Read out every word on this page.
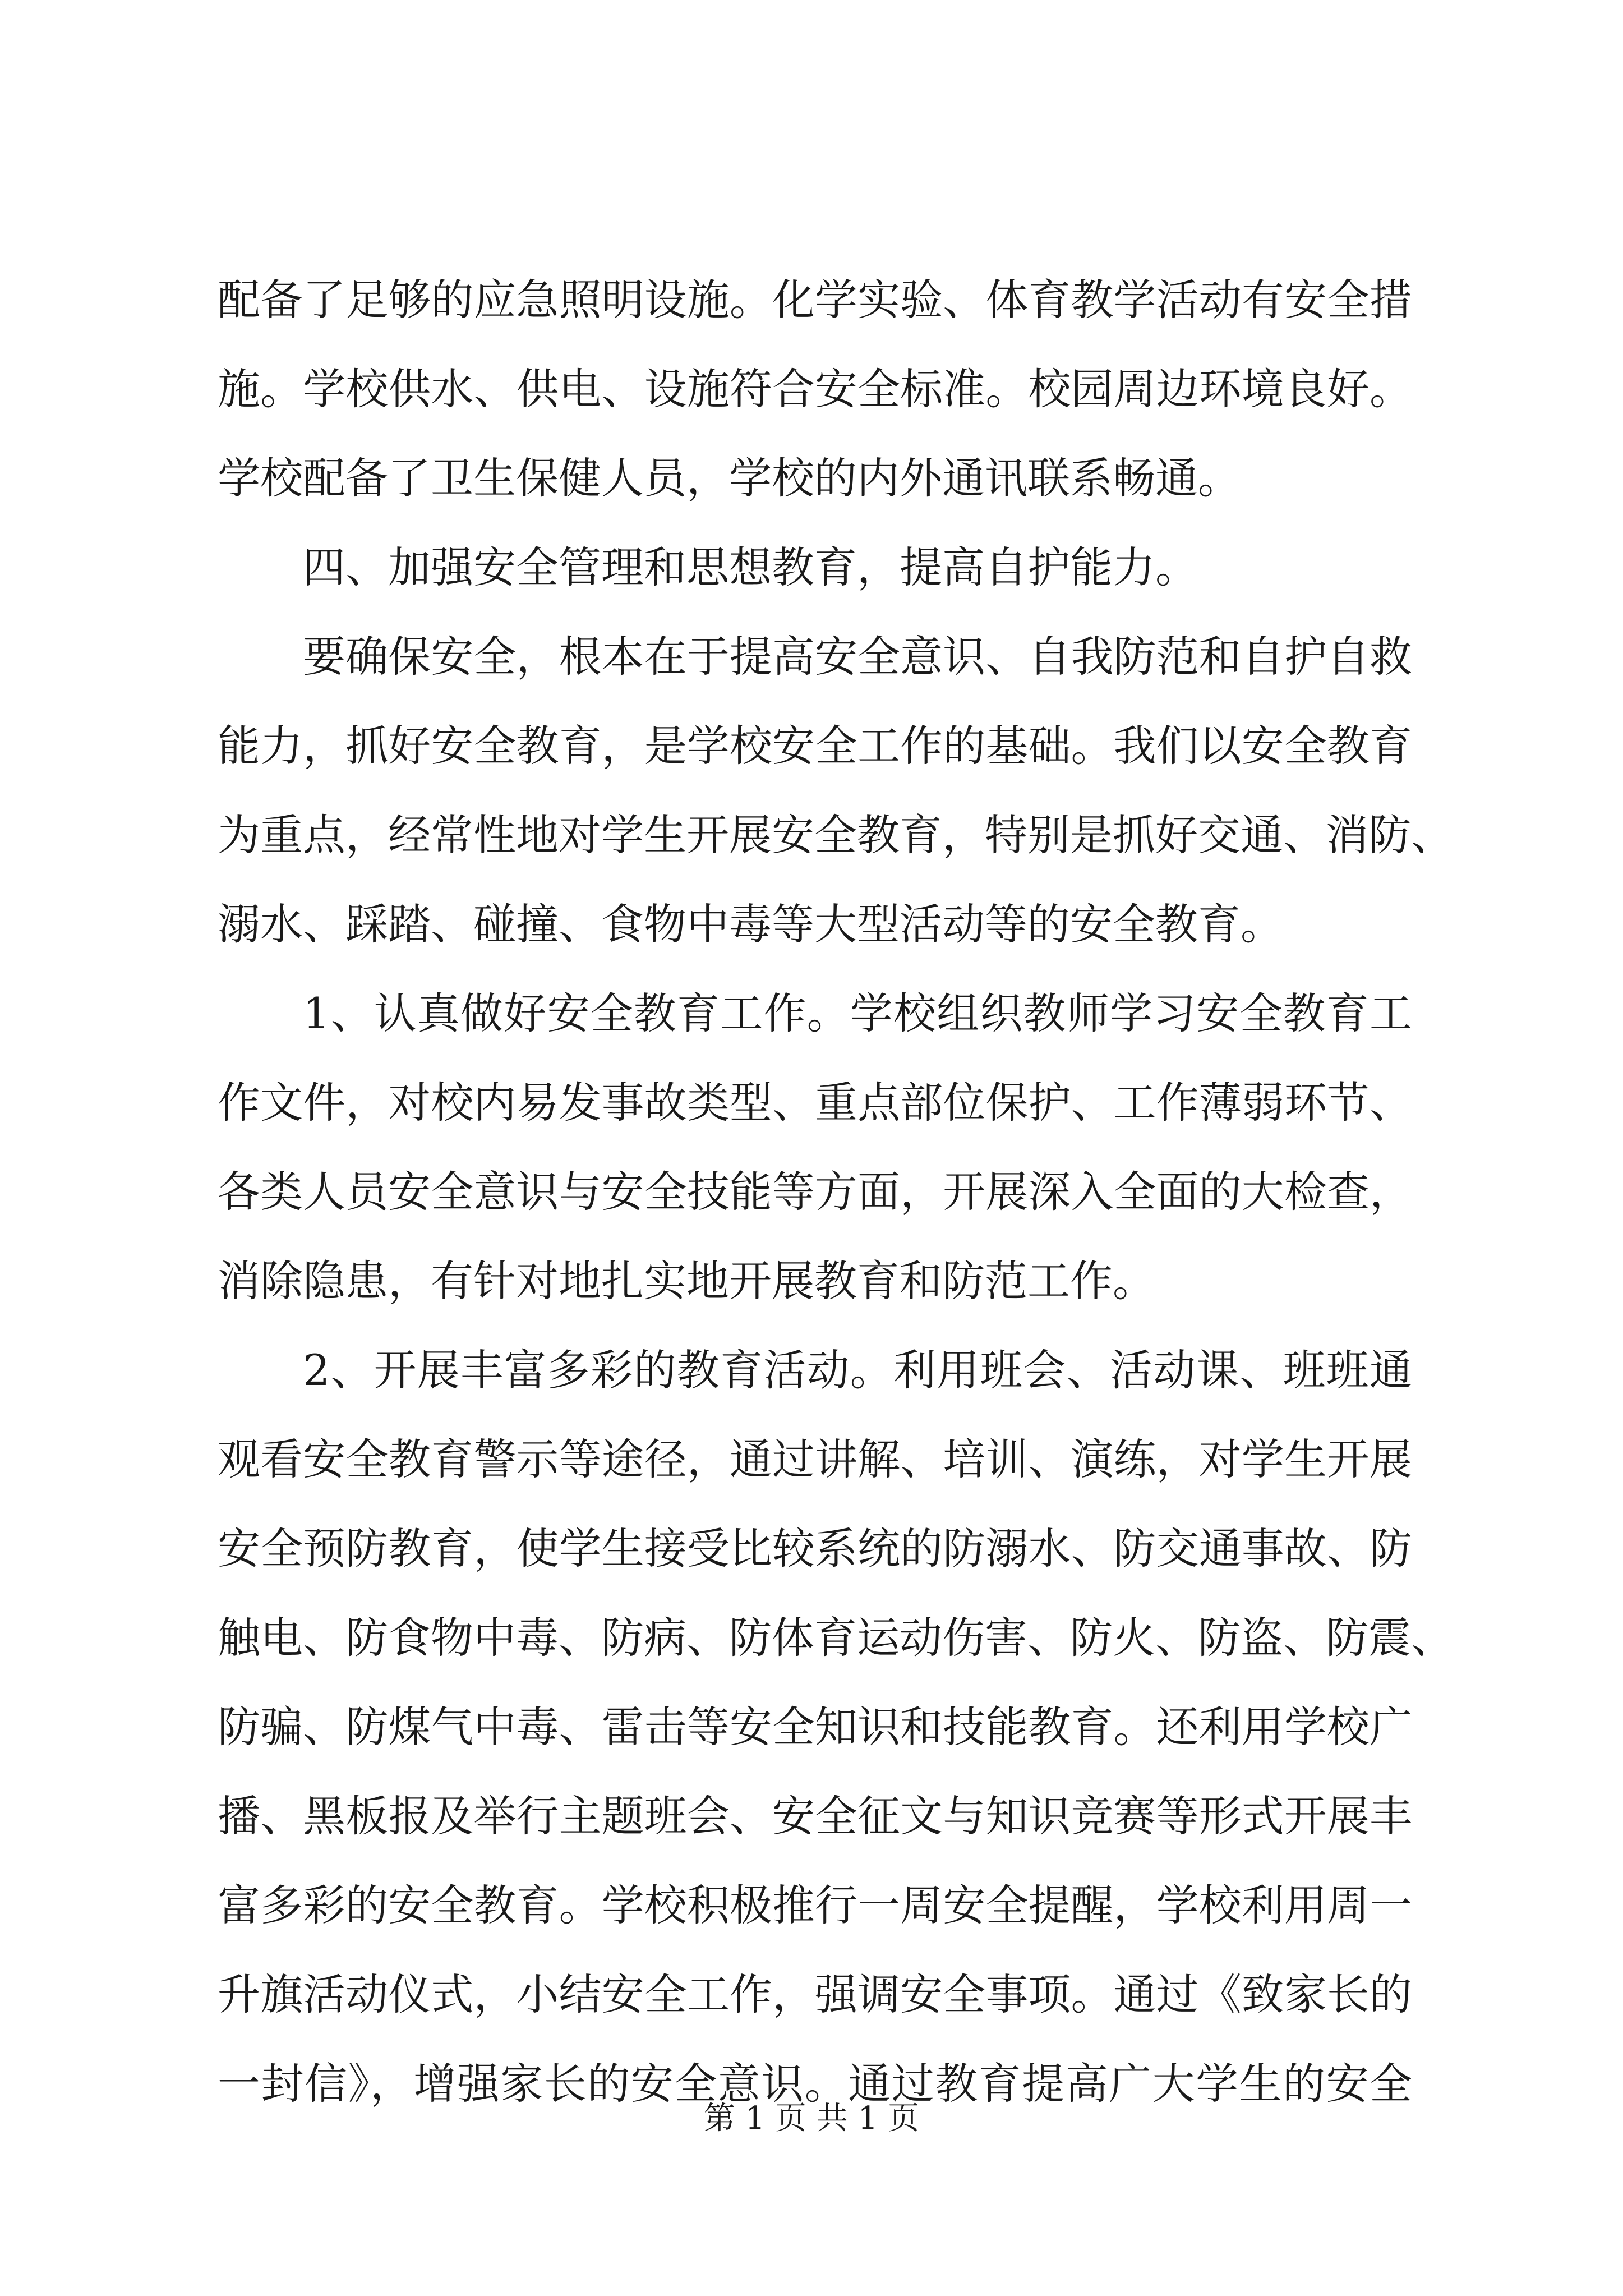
配备了足够的应急照明设施。化学实验、体育教学活动有安全措
施。学校供水、供电、设施符合安全标准。校园周边环境良好。
学校配备了卫生保健人员，学校的内外通讯联系畅通。
四、加强安全管理和思想教育，提高自护能力。
要确保安全，根本在于提高安全意识、自我防范和自护自救
能力，抓好安全教育，是学校安全工作的基础。我们以安全教育
为重点，经常性地对学生开展安全教育，特别是抓好交通、消防、
溺水、踩踏、碰撞、食物中毒等大型活动等的安全教育。
1、认真做好安全教育工作。学校组织教师学习安全教育工
作文件，对校内易发事故类型、重点部位保护、工作薄弱环节、
各类人员安全意识与安全技能等方面，开展深入全面的大检查，
消除隐患，有针对地扎实地开展教育和防范工作。
2、开展丰富多彩的教育活动。利用班会、活动课、班班通
观看安全教育警示等途径，通过讲解、培训、演练，对学生开展
安全预防教育，使学生接受比较系统的防溺水、防交通事故、防
触电、防食物中毒、防病、防体育运动伤害、防火、防盗、防震、
防骗、防煤气中毒、雷击等安全知识和技能教育。还利用学校广
播、黑板报及举行主题班会、安全征文与知识竞赛等形式开展丰
富多彩的安全教育。学校积极推行一周安全提醒，学校利用周一
升旗活动仪式，小结安全工作，强调安全事项。通过《致家长的
一封信》，增强家长的安全意识。通过教育提高广大学生的安全
第 1 页 共 1 页
